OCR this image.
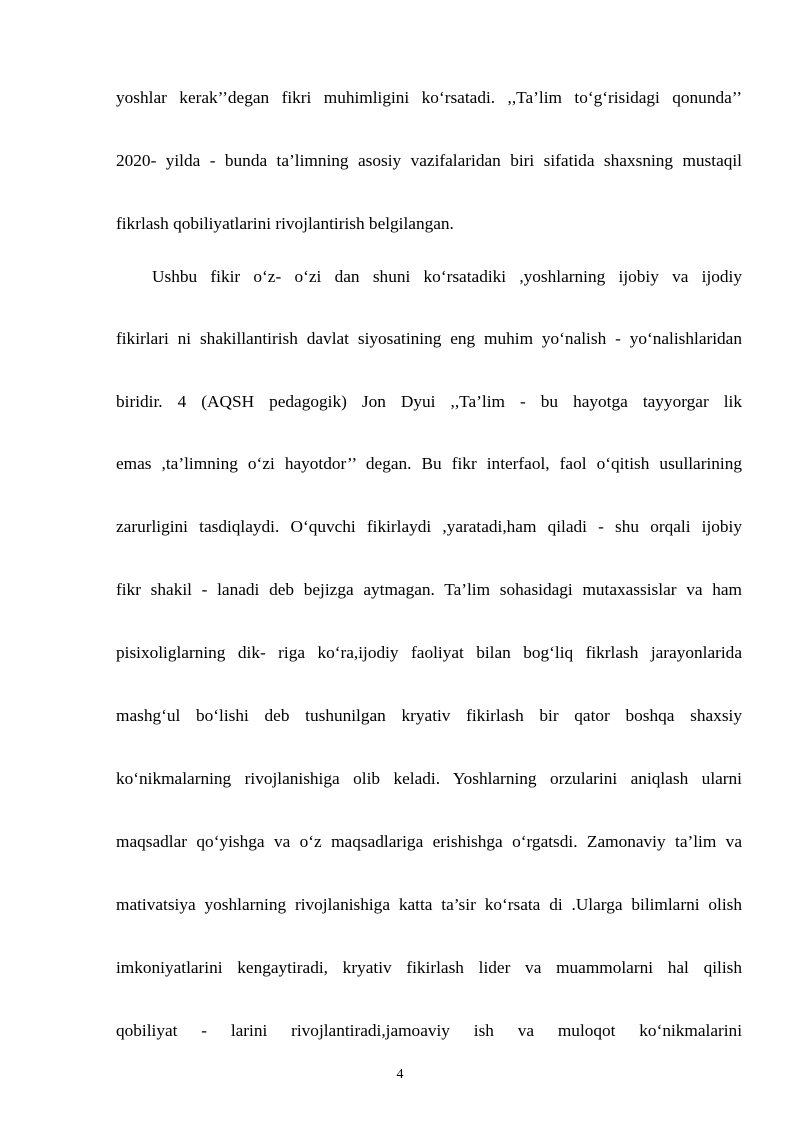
yoshlar kerak’’degan fikri muhimligini ko‘rsatadi. ,,Ta’lim to‘g‘risidagi qonunda’’
2020- yilda - bunda ta’limning asosiy vazifalaridan biri sifatida shaxsning mustaqil
fikrlash qobiliyatlarini rivojlantirish belgilangan.
Ushbu fikir o‘z- o‘zi dan shuni ko‘rsatadiki ,yoshlarning ijobiy va ijodiy
fikirlari ni shakillantirish davlat siyosatining eng muhim yo‘nalish - yo‘nalishlaridan
biridir. 4 (AQSH pedagogik) Jon Dyui ,,Ta’lim - bu hayotga tayyorgar lik
emas ,ta’limning o‘zi hayotdor’’ degan. Bu fikr interfaol, faol o‘qitish usullarining
zarurligini tasdiqlaydi. O‘quvchi fikirlaydi ,yaratadi,ham qiladi - shu orqali ijobiy
fikr shakil - lanadi deb bejizga aytmagan. Ta’lim sohasidagi mutaxassislar va ham
pisixoliglarning dik- riga ko‘ra,ijodiy faoliyat bilan bog‘liq fikrlash jarayonlarida
mashg‘ul bo‘lishi deb tushunilgan kryativ fikirlash bir qator boshqa shaxsiy
ko‘nikmalarning rivojlanishiga olib keladi. Yoshlarning orzularini aniqlash ularni
maqsadlar qo‘yishga va o‘z maqsadlariga erishishga o‘rgatsdi. Zamonaviy ta’lim va
mativatsiya yoshlarning rivojlanishiga katta ta’sir ko‘rsata di .Ularga bilimlarni olish
imkoniyatlarini kengaytiradi, kryativ fikirlash lider va muammolarni hal qilish
qobiliyat - larini rivojlantiradi,jamoaviy ish va muloqot ko‘nikmalarini
4
